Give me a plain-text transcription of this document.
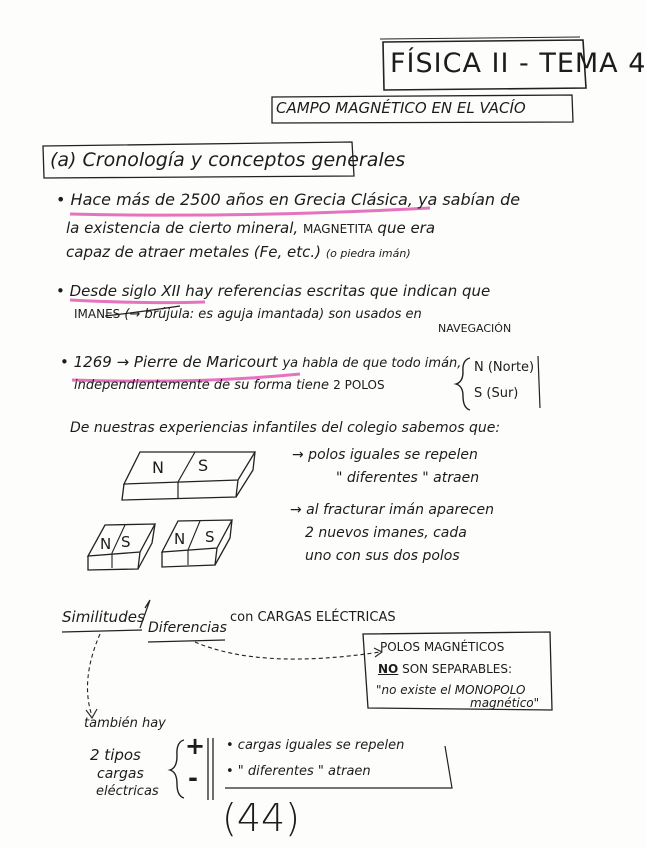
FÍSICA II - TEMA 4
CAMPO MAGNÉTICO EN EL VACÍO
(a) Cronología y conceptos generales
• Hace más de 2500 años en Grecia Clásica, ya sabían de
la existencia de cierto mineral, MAGNETITA que era
capaz de atraer metales (Fe, etc.) (o piedra imán)
• Desde siglo XII hay referencias escritas que indican que
IMANES (→ brújula: es aguja imantada) son usados en
NAVEGACIÓN
• 1269 → Pierre de Maricourt ya habla de que todo imán,
independientemente de su forma tiene 2 POLOS
N (Norte)
S (Sur)
De nuestras experiencias infantiles del colegio sabemos que:
→ polos iguales se repelen
" diferentes " atraen
→ al fracturar imán aparecen
2 nuevos imanes, cada
uno con sus dos polos
N S
N S	N S
Similitudes
Diferencias
con CARGAS ELÉCTRICAS
POLOS MAGNÉTICOS
NO SON SEPARABLES:
"no existe el MONOPOLO
magnético"
también hay
2 tipos
cargas
eléctricas
+
-
• cargas iguales se repelen
• " diferentes " atraen
(44)
